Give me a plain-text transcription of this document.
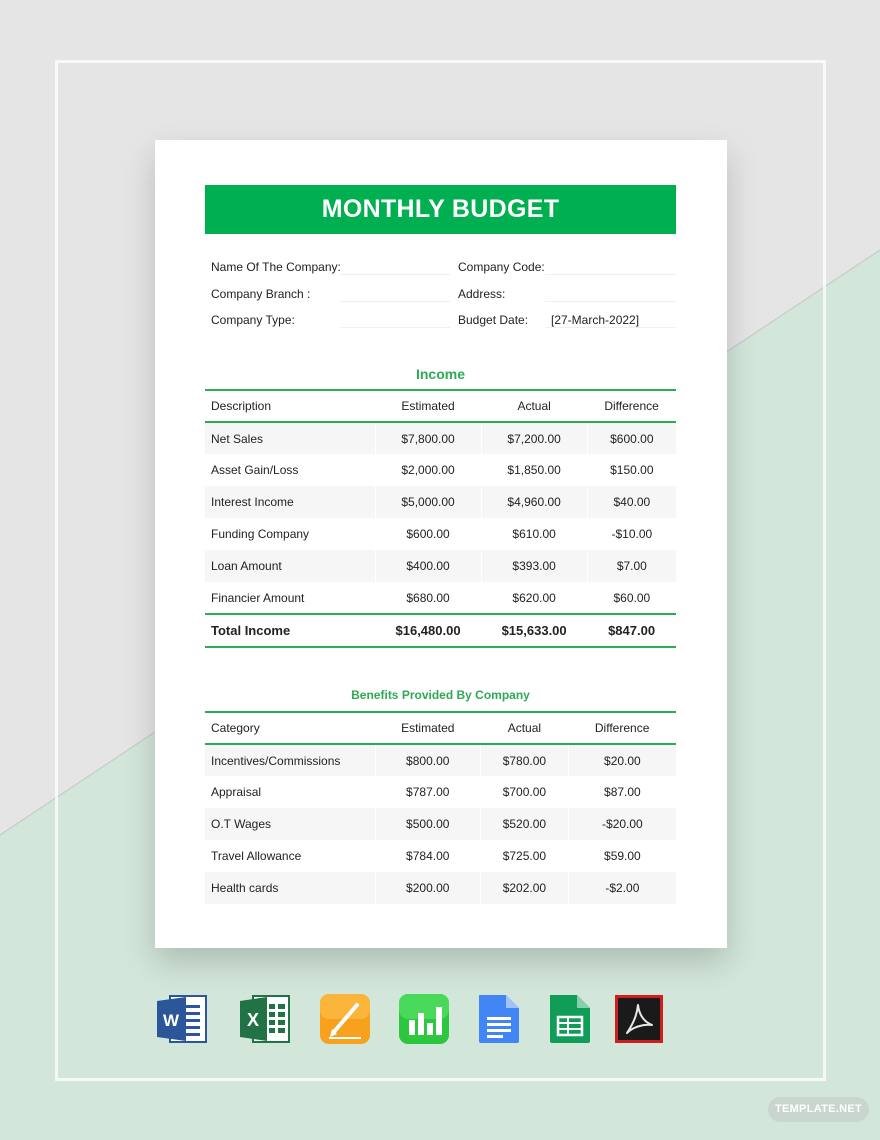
MONTHLY BUDGET
Name Of The Company:	Company Code:
Company Branch :	Address:
Company Type:	Budget Date: [27-March-2022]
Income
Description	Estimated	Actual	Difference
Net Sales	$7,800.00	$7,200.00	$600.00
Asset Gain/Loss	$2,000.00	$1,850.00	$150.00
Interest Income	$5,000.00	$4,960.00	$40.00
Funding Company	$600.00	$610.00	-$10.00
Loan Amount	$400.00	$393.00	$7.00
Financier Amount	$680.00	$620.00	$60.00
Total Income	$16,480.00	$15,633.00	$847.00
Benefits Provided By Company
Category	Estimated	Actual	Difference
Incentives/Commissions	$800.00	$780.00	$20.00
Appraisal	$787.00	$700.00	$87.00
O.T Wages	$500.00	$520.00	-$20.00
Travel Allowance	$784.00	$725.00	$59.00
Health cards	$200.00	$202.00	-$2.00
W	X
TEMPLATE.NET
